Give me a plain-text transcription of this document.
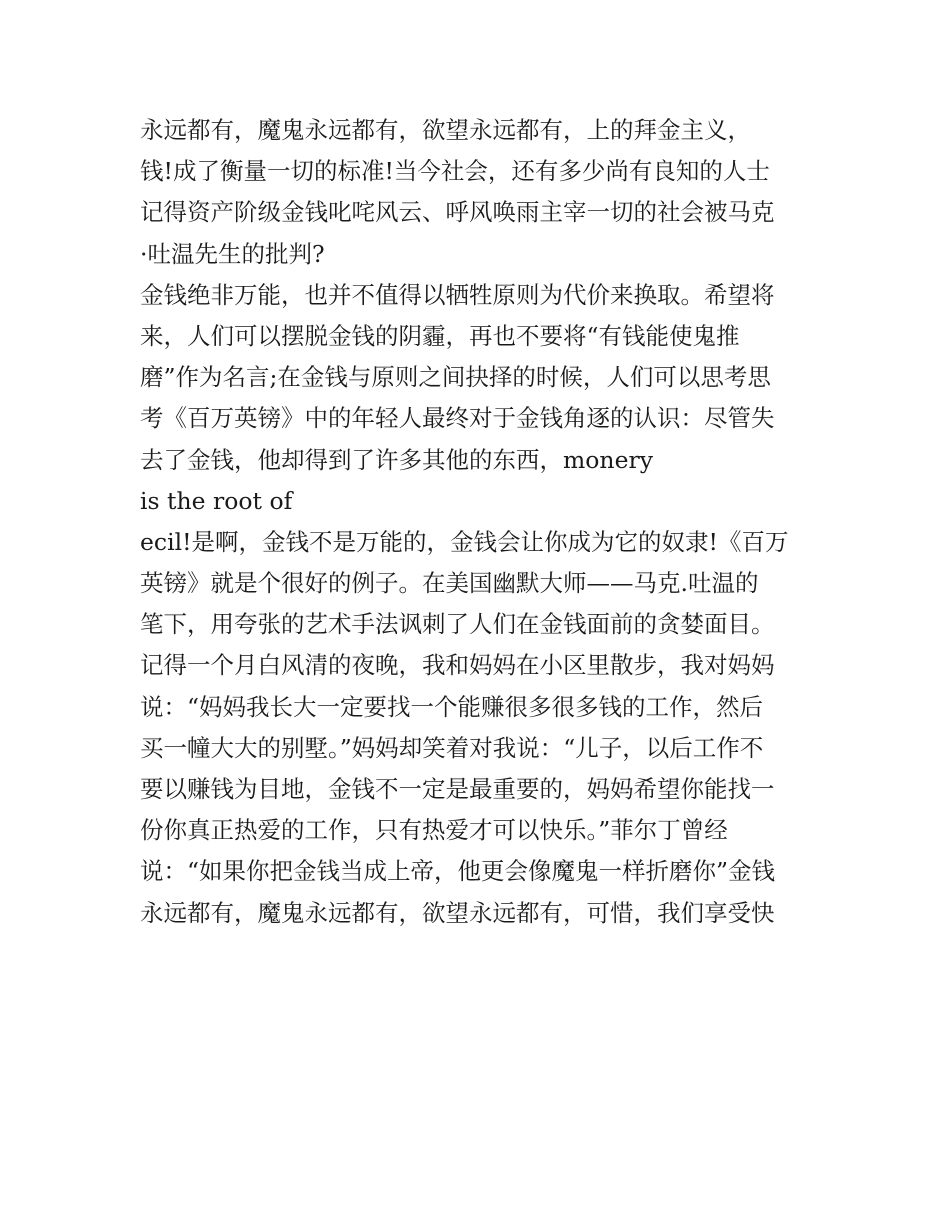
永远都有，魔鬼永远都有，欲望永远都有，上的拜金主义，
钱!成了衡量一切的标准!当今社会，还有多少尚有良知的人士
记得资产阶级金钱叱咤风云、呼风唤雨主宰一切的社会被马克
·吐温先生的批判?
金钱绝非万能，也并不值得以牺牲原则为代价来换取。希望将
来，人们可以摆脱金钱的阴霾，再也不要将“有钱能使鬼推
磨”作为名言;在金钱与原则之间抉择的时候，人们可以思考思
考《百万英镑》中的年轻人最终对于金钱角逐的认识：尽管失
去了金钱，他却得到了许多其他的东西，monery
is the root of
ecil!是啊，金钱不是万能的，金钱会让你成为它的奴隶!《百万
英镑》就是个很好的例子。在美国幽默大师——马克.吐温的
笔下，用夸张的艺术手法讽刺了人们在金钱面前的贪婪面目。
记得一个月白风清的夜晚，我和妈妈在小区里散步，我对妈妈
说：“妈妈我长大一定要找一个能赚很多很多钱的工作，然后
买一幢大大的别墅。”妈妈却笑着对我说：“儿子，以后工作不
要以赚钱为目地，金钱不一定是最重要的，妈妈希望你能找一
份你真正热爱的工作，只有热爱才可以快乐。”菲尔丁曾经
说：“如果你把金钱当成上帝，他更会像魔鬼一样折磨你”金钱
永远都有，魔鬼永远都有，欲望永远都有，可惜，我们享受快
